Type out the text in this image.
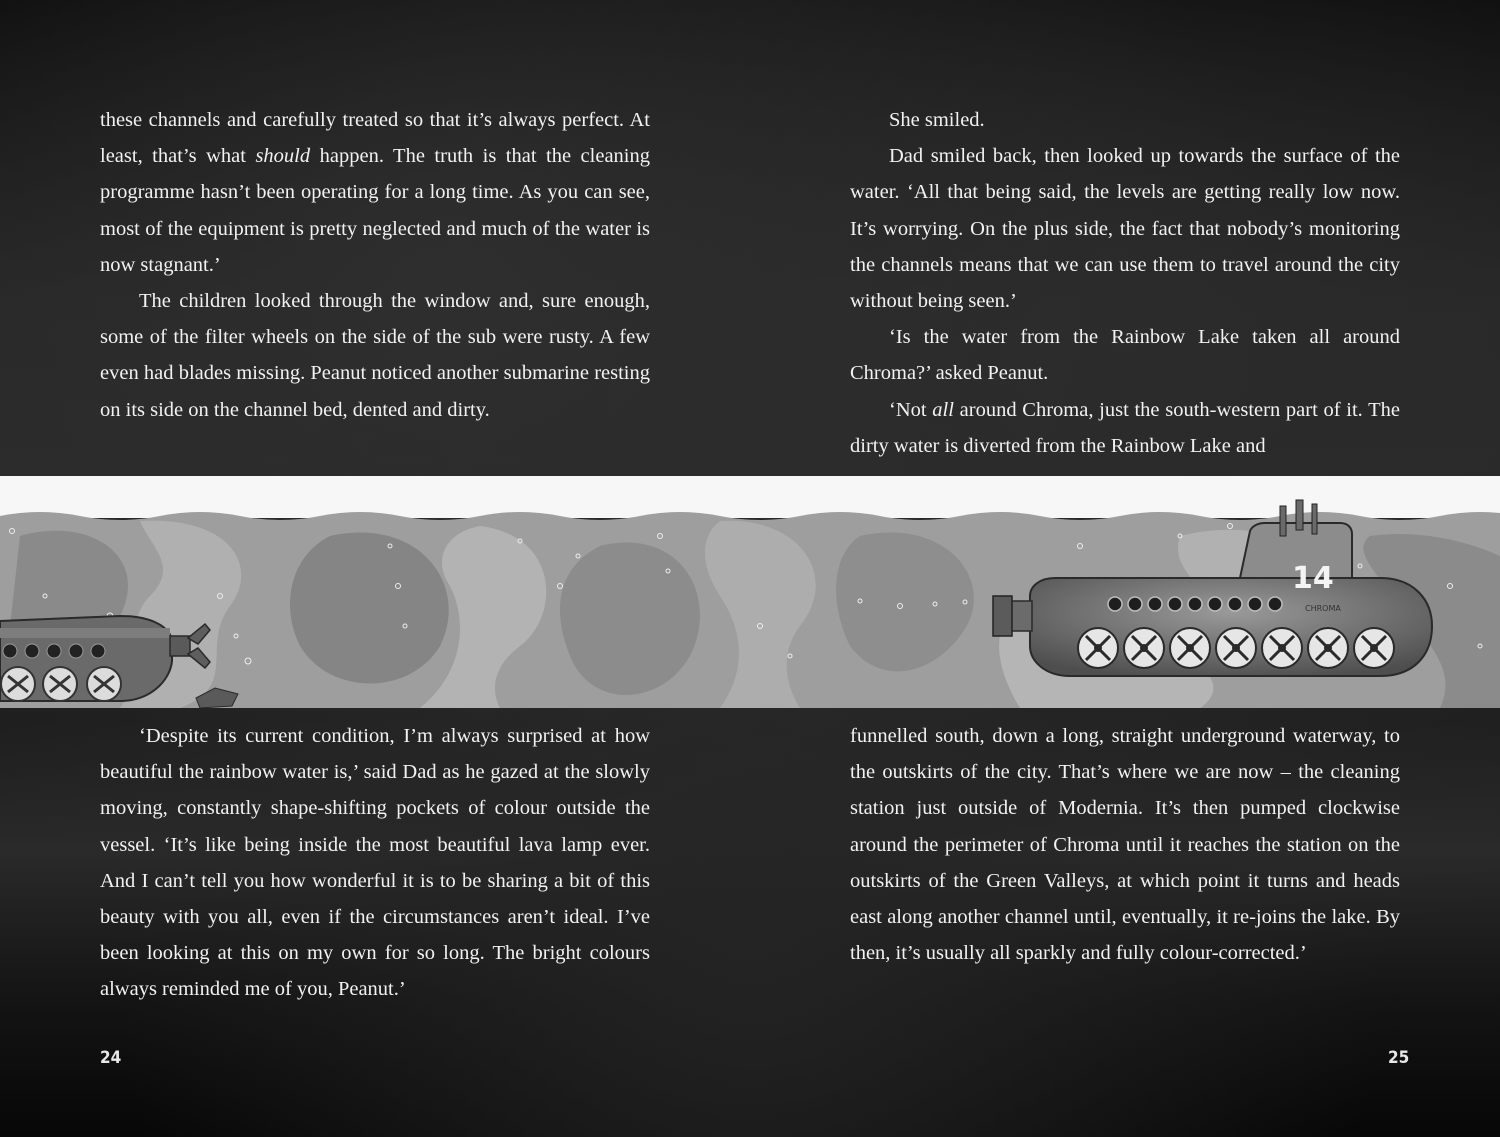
these channels and carefully treated so that it’s always perfect. At least, that’s what should happen. The truth is that the cleaning programme hasn’t been operating for a long time. As you can see, most of the equipment is pretty neglected and much of the water is now stagnant.’

The children looked through the window and, sure enough, some of the filter wheels on the side of the sub were rusty. A few even had blades missing. Peanut noticed another submarine resting on its side on the channel bed, dented and dirty.

She smiled.

Dad smiled back, then looked up towards the surface of the water. ‘All that being said, the levels are getting really low now. It’s worrying. On the plus side, the fact that nobody’s monitoring the channels means that we can use them to travel around the city without being seen.’

‘Is the water from the Rainbow Lake taken all around Chroma?’ asked Peanut.

‘Not all around Chroma, just the south-western part of it. The dirty water is diverted from the Rainbow Lake and

14
CHROMA

‘Despite its current condition, I’m always surprised at how beautiful the rainbow water is,’ said Dad as he gazed at the slowly moving, constantly shape-shifting pockets of colour outside the vessel. ‘It’s like being inside the most beautiful lava lamp ever. And I can’t tell you how wonderful it is to be sharing a bit of this beauty with you all, even if the circumstances aren’t ideal. I’ve been looking at this on my own for so long. The bright colours always reminded me of you, Peanut.’

funnelled south, down a long, straight underground waterway, to the outskirts of the city. That’s where we are now – the cleaning station just outside of Modernia. It’s then pumped clockwise around the perimeter of Chroma until it reaches the station on the outskirts of the Green Valleys, at which point it turns and heads east along another channel until, eventually, it re-joins the lake. By then, it’s usually all sparkly and fully colour-corrected.’

24	25
